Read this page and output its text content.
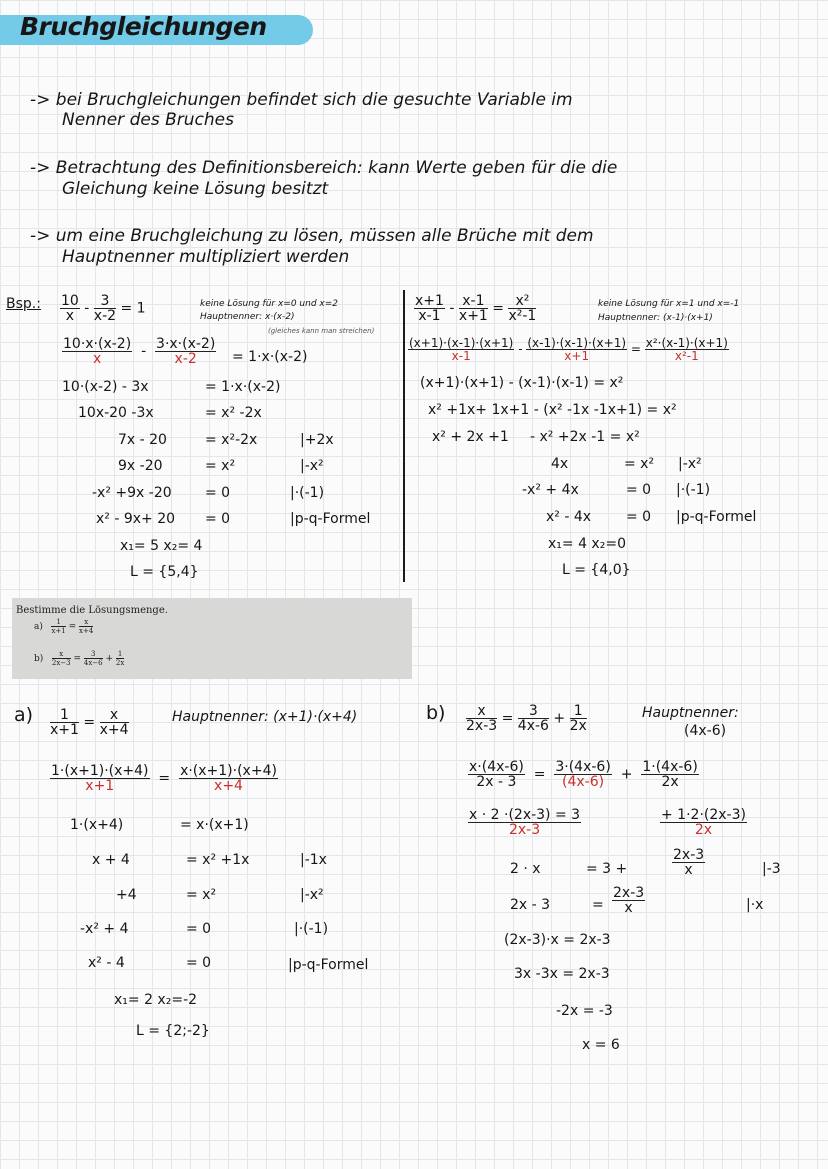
Bruchgleichungen
-> bei Bruchgleichungen befindet sich die gesuchte Variable im
Nenner des Bruches
-> Betrachtung des Definitionsbereich: kann Werte geben für die die
Gleichung keine Lösung besitzt
-> um eine Bruchgleichung zu lösen, müssen alle Brüche mit dem
Hauptnenner multipliziert werden
Bsp.: $\frac{10}{x} - \frac{3}{x-2} = 1$	keine Lösung für x=0 und x=2
Hauptnenner: x·(x-2)
(gleiches kann man streichen)
$\frac{10\cdot x\cdot(x-2)}{x} - \frac{3\cdot x\cdot(x-2)}{x-2} = 1\cdot x\cdot(x-2)$
10·(x-2) - 3x	= 1·x·(x-2)
10x-20 -3x	= x² -2x
7x - 20	= x²-2x	|+2x
9x -20	= x²	|-x²
-x² +9x -20 = 0	|·(-1)
x² - 9x+ 20 = 0	|p-q-Formel
x₁= 5 x₂= 4
L = {5,4}
$\frac{x+1}{x-1} - \frac{x-1}{x+1} = \frac{\text{x²}}{\text{x²-1}}$	keine Lösung für x=1 und x=-1
Hauptnenner: (x-1)·(x+1)
$\frac{(x+1)\cdot(x-1)\cdot(x+1)}{x-1} - \frac{(x-1)\cdot(x-1)\cdot(x+1)}{x+1} = \frac{\text{x²·(x-1)·(x+1)}}{\text{x²-1}}$
(x+1)·(x+1) - (x-1)·(x-1) = x²
x² +1x+ 1x+1 - (x² -1x -1x+1) = x²
x² + 2x +1 - x² +2x -1 = x²
4x	= x² |-x²
-x² + 4x	= 0 |·(-1)
x² - 4x = 0 |p-q-Formel
x₁= 4 x₂=0
L = {4,0}
Bestimme die Lösungsmenge.
$a) \frac{1}{x+1} = \frac{x}{x+4}$
$b) \frac{x}{2x-3} = \frac{3}{4x-6} + \frac{1}{2x}$
$a) \frac{1}{x+1} = \frac{x}{x+4}$	Hauptnenner: (x+1)·(x+4)
$\frac{1\cdot(x+1)\cdot(x+4)}{x+1} = \frac{x\cdot(x+1)\cdot(x+4)}{x+4}$
1·(x+4)	= x·(x+1)
x + 4	= x² +1x	|-1x
+4	= x²	|-x²
-x² + 4	= 0	|·(-1)
x² - 4	= 0	|p-q-Formel
x₁= 2 x₂=-2
L = {2;-2}
$b) \frac{x}{2x-3} = \frac{3}{4x-6} + \frac{1}{2x}$	Hauptnenner:
(4x-6)
$\frac{x\cdot(4x-6)}{2x - 3} = \frac{3\cdot(4x-6)}{(4x-6)} + \frac{1\cdot(4x-6)}{2x}$
$\frac{x \cdot 2 \cdot(2x-3) = 3}{2x-3}$	$\frac{+ 1\cdot 2\cdot(2x-3)}{2x}$
2 · x	= 3 +	$\frac{2x-3}{x}$	|-3
2x - 3	= $\frac{2x-3}{x}$	|·x
(2x-3)·x = 2x-3
3x -3x = 2x-3
-2x = -3
x = 6
